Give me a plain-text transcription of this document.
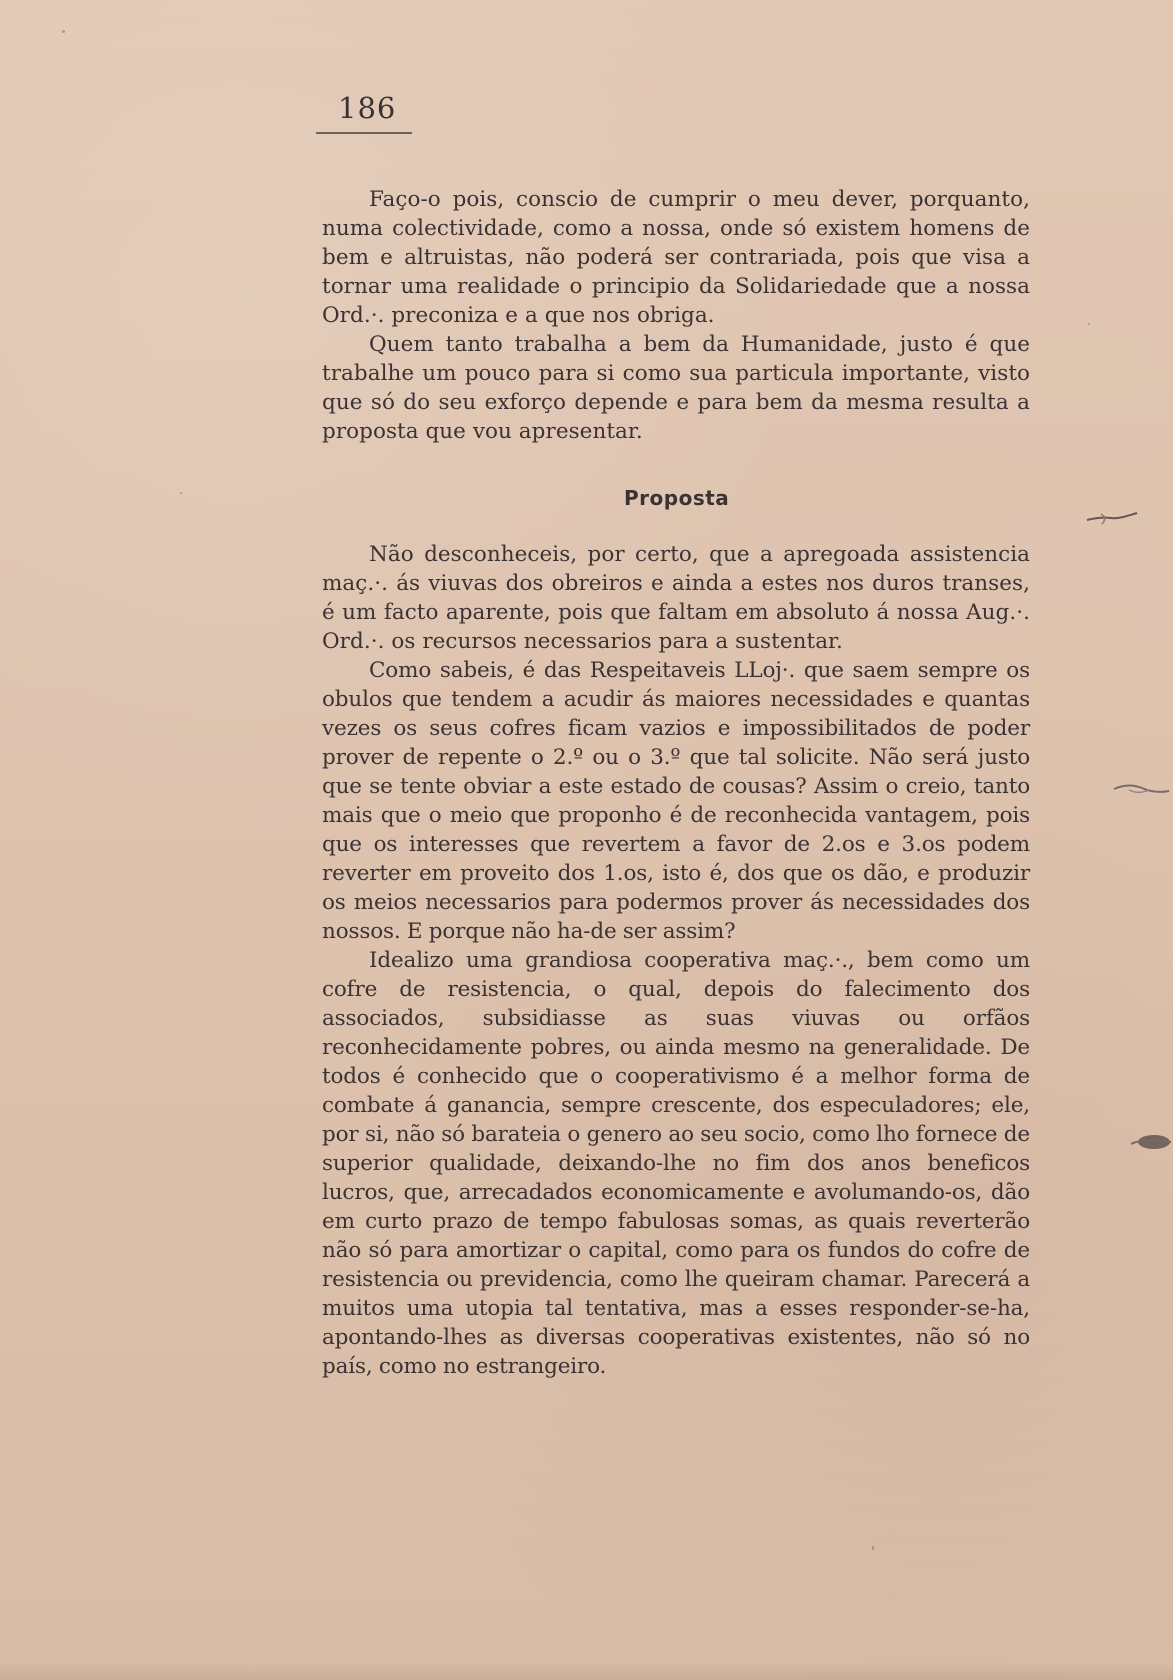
186

Faço-o pois, conscio de cumprir o meu dever, porquanto, numa colectividade, como a nossa, onde só existem homens de bem e altruistas, não poderá ser contrariada, pois que visa a tornar uma realidade o principio da Solidariedade que a nossa Ord.·. preconiza e a que nos obriga.

Quem tanto trabalha a bem da Humanidade, justo é que trabalhe um pouco para si como sua particula importante, visto que só do seu exforço depende e para bem da mesma resulta a proposta que vou apresentar.

Proposta

Não desconheceis, por certo, que a apregoada assistencia maç.·. ás viuvas dos obreiros e ainda a estes nos duros transes, é um facto aparente, pois que faltam em absoluto á nossa Aug.·. Ord.·. os recursos necessarios para a sustentar.

Como sabeis, é das Respeitaveis LLoj·. que saem sempre os obulos que tendem a acudir ás maiores necessidades e quantas vezes os seus cofres ficam vazios e impossibilitados de poder prover de repente o 2.º ou o 3.º que tal solicite. Não será justo que se tente obviar a este estado de cousas? Assim o creio, tanto mais que o meio que proponho é de reconhecida vantagem, pois que os interesses que revertem a favor de 2.os e 3.os podem reverter em proveito dos 1.os, isto é, dos que os dão, e produzir os meios necessarios para podermos prover ás necessidades dos nossos. E porque não ha-de ser assim?

Idealizo uma grandiosa cooperativa maç.·., bem como um cofre de resistencia, o qual, depois do falecimento dos associados, subsidiasse as suas viuvas ou orfãos reconhecidamente pobres, ou ainda mesmo na generalidade. De todos é conhecido que o cooperativismo é a melhor forma de combate á ganancia, sempre crescente, dos especuladores; ele, por si, não só barateia o genero ao seu socio, como lho fornece de superior qualidade, deixando-lhe no fim dos anos beneficos lucros, que, arrecadados economicamente e avolumando-os, dão em curto prazo de tempo fabulosas somas, as quais reverterão não só para amortizar o capital, como para os fundos do cofre de resistencia ou previdencia, como lhe queiram chamar. Parecerá a muitos uma utopia tal tentativa, mas a esses responder-se-ha, apontando-lhes as diversas cooperativas existentes, não só no país, como no estrangeiro.
